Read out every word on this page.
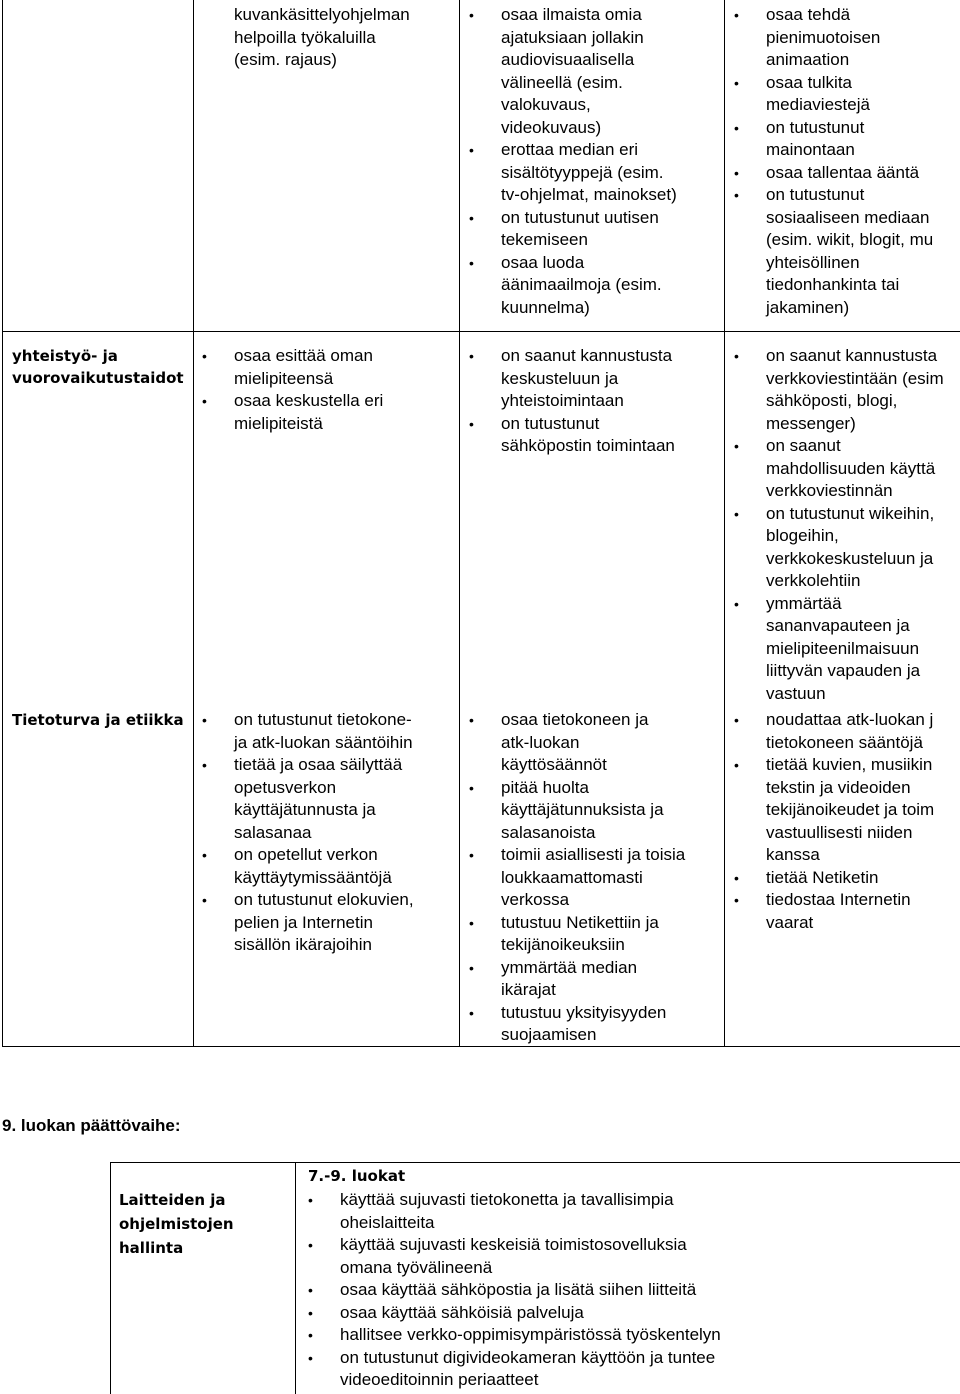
kuvankäsittelyohjelman
helpoilla työkaluilla
(esim. rajaus)
• osaa ilmaista omia
ajatuksiaan jollakin
audiovisuaalisella
välineellä (esim.
valokuvaus,
videokuvaus)
• erottaa median eri
sisältötyyppejä (esim.
tv-ohjelmat, mainokset)
• on tutustunut uutisen
tekemiseen
• osaa luoda
äänimaailmoja (esim.
kuunnelma)
• osaa tehdä
pienimuotoisen
animaation
• osaa tulkita
mediaviestejä
• on tutustunut
mainontaan
• osaa tallentaa ääntä
• on tutustunut
sosiaaliseen mediaan
(esim. wikit, blogit, mu
yhteisöllinen
tiedonhankinta tai
jakaminen)
yhteistyö- ja
vuorovaikutustaidot
• osaa esittää oman
mielipiteensä
• osaa keskustella eri
mielipiteistä
• on saanut kannustusta
keskusteluun ja
yhteistoimintaan
• on tutustunut
sähköpostin toimintaan
• on saanut kannustusta
verkkoviestintään (esim
sähköposti, blogi,
messenger)
• on saanut
mahdollisuuden käyttä
verkkoviestinnän
• on tutustunut wikeihin,
blogeihin,
verkkokeskusteluun ja
verkkolehtiin
• ymmärtää
sananvapauteen ja
mielipiteenilmaisuun
liittyvän vapauden ja
vastuun
Tietoturva ja etiikka • on tutustunut tietokone-
ja atk-luokan sääntöihin
• tietää ja osaa säilyttää
opetusverkon
käyttäjätunnusta ja
salasanaa
• on opetellut verkon
käyttäytymissääntöjä
• on tutustunut elokuvien,
pelien ja Internetin
sisällön ikärajoihin
• osaa tietokoneen ja
atk-luokan
käyttösäännöt
• pitää huolta
käyttäjätunnuksista ja
salasanoista
• toimii asiallisesti ja toisia
loukkaamattomasti
verkossa
• tutustuu Netikettiin ja
tekijänoikeuksiin
• ymmärtää median
ikärajat
• tutustuu yksityisyyden
suojaamisen
• noudattaa atk-luokan j
tietokoneen sääntöjä
• tietää kuvien, musiikin
tekstin ja videoiden
tekijänoikeudet ja toim
vastuullisesti niiden
kanssa
• tietää Netiketin
• tiedostaa Internetin
vaarat
9. luokan päättövaihe:
Laitteiden ja
ohjelmistojen
hallinta
7.-9. luokat
• käyttää sujuvasti tietokonetta ja tavallisimpia
oheislaitteita
• käyttää sujuvasti keskeisiä toimistosovelluksia
omana työvälineenä
• osaa käyttää sähköpostia ja lisätä siihen liitteitä
• osaa käyttää sähköisiä palveluja
• hallitsee verkko-oppimisympäristössä työskentelyn
• on tutustunut digivideokameran käyttöön ja tuntee
videoeditoinnin periaatteet
